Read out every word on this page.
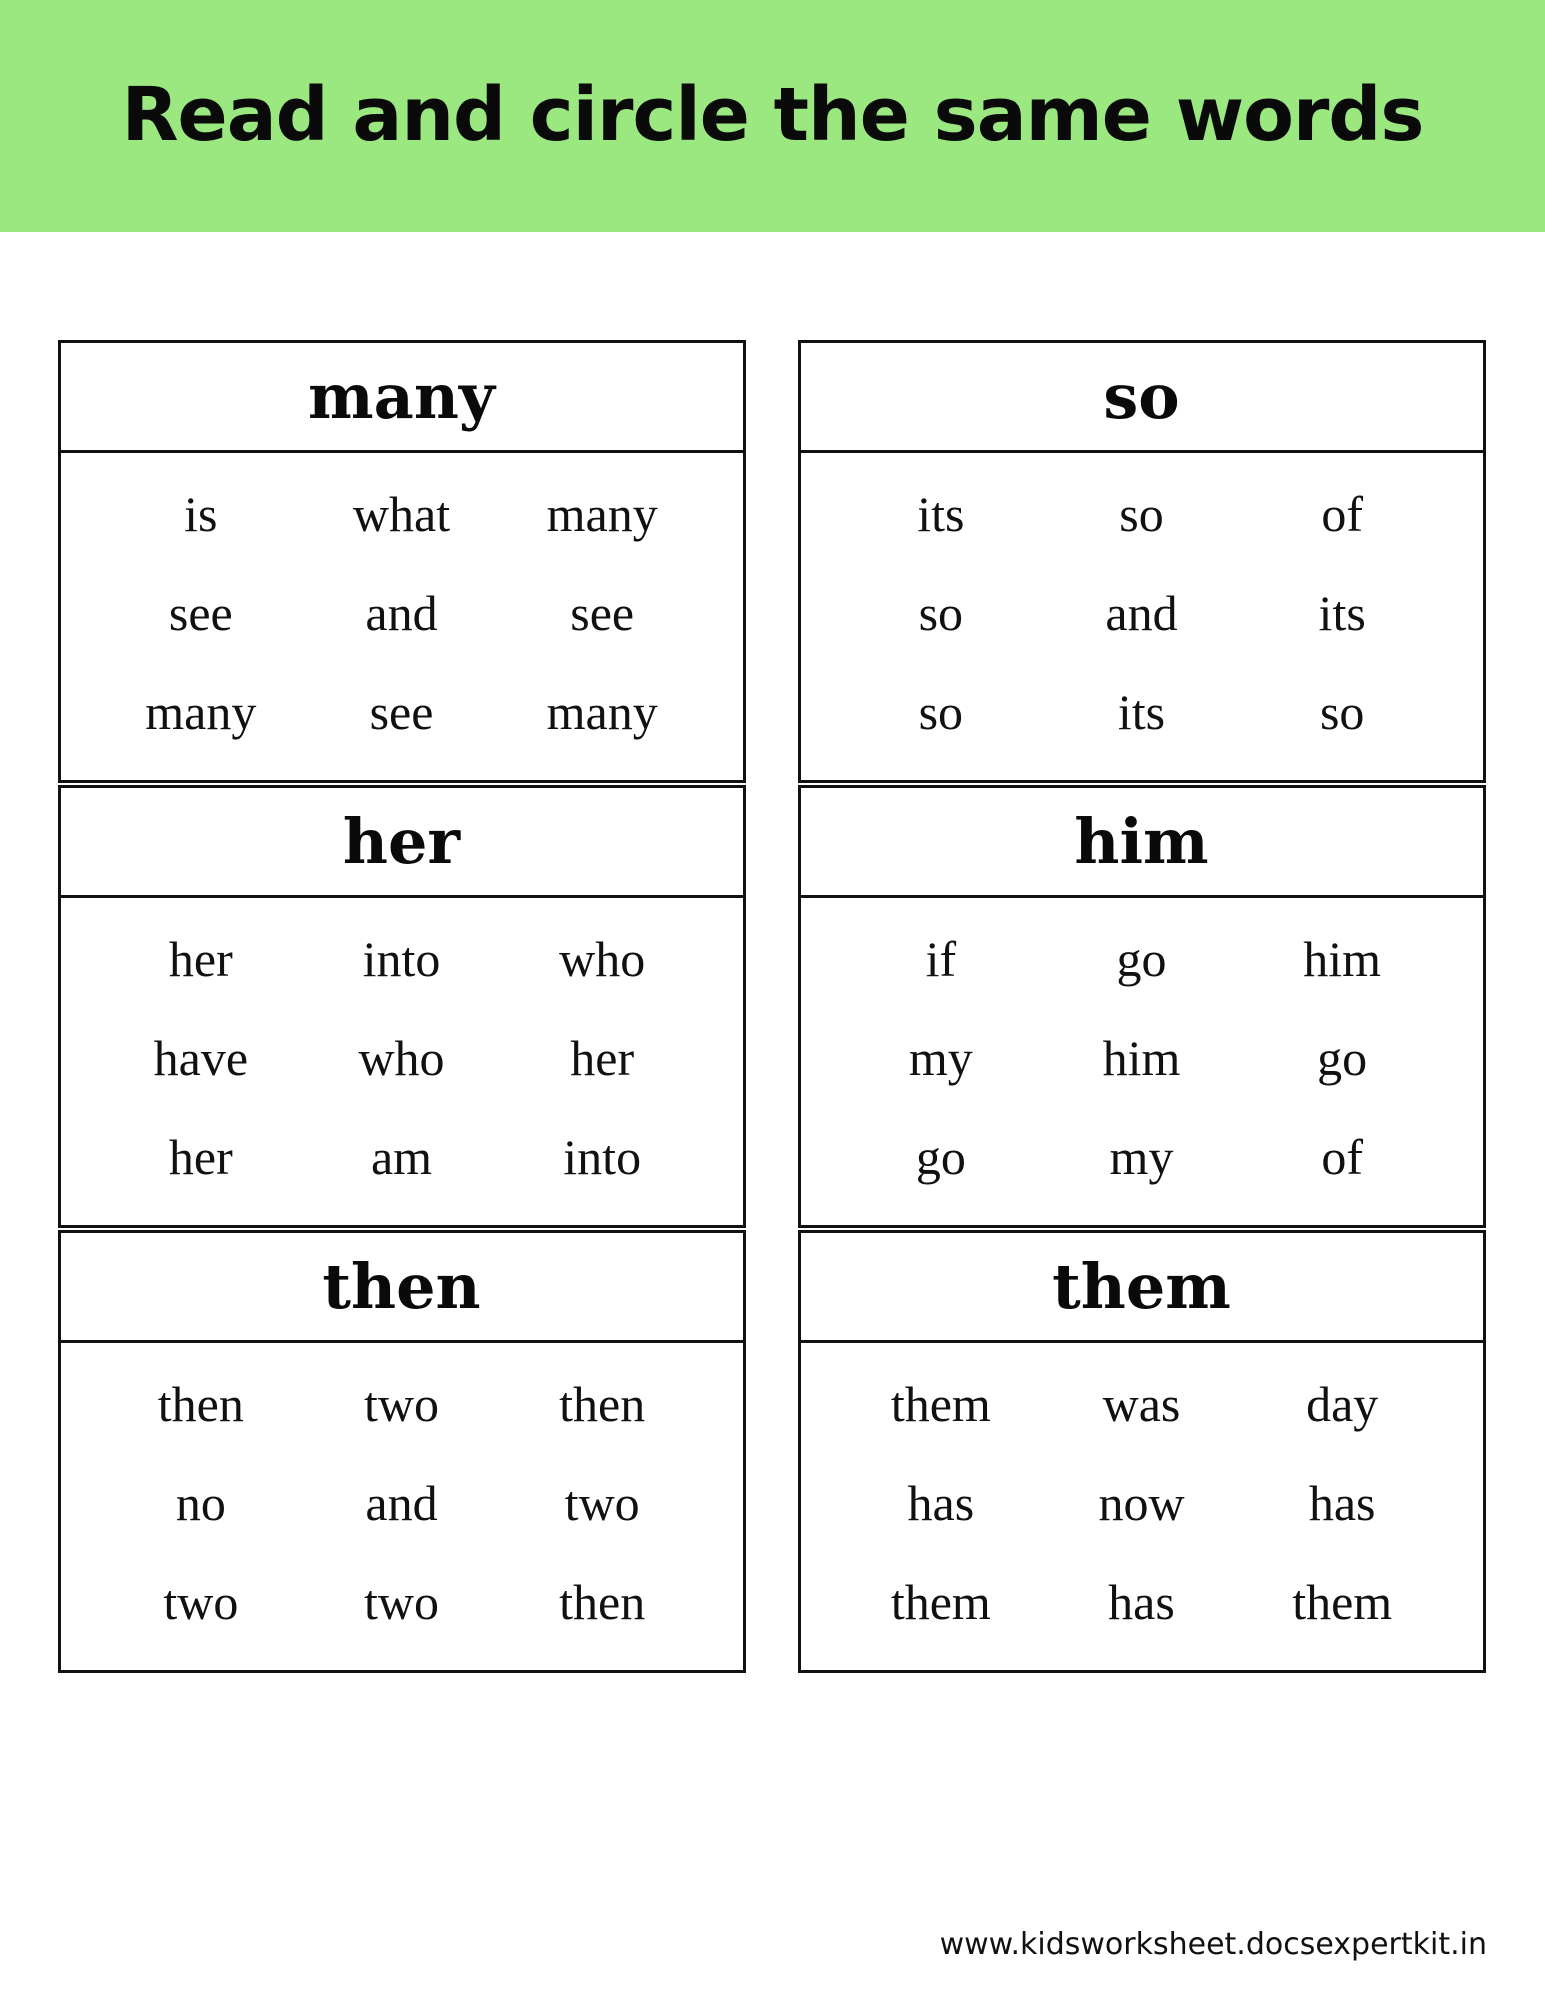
Read and circle the same words
many
is	what	many
see	and	see
many	see	many
so
its	so	of
so	and	its
so	its	so
her
her	into	who
have	who	her
her	am	into
him
if	go	him
my	him	go
go	my	of
then
then	two	then
no	and	two
two	two	then
them
them	was	day
has	now	has
them	has	them
www.kidsworksheet.docsexpertkit.in
